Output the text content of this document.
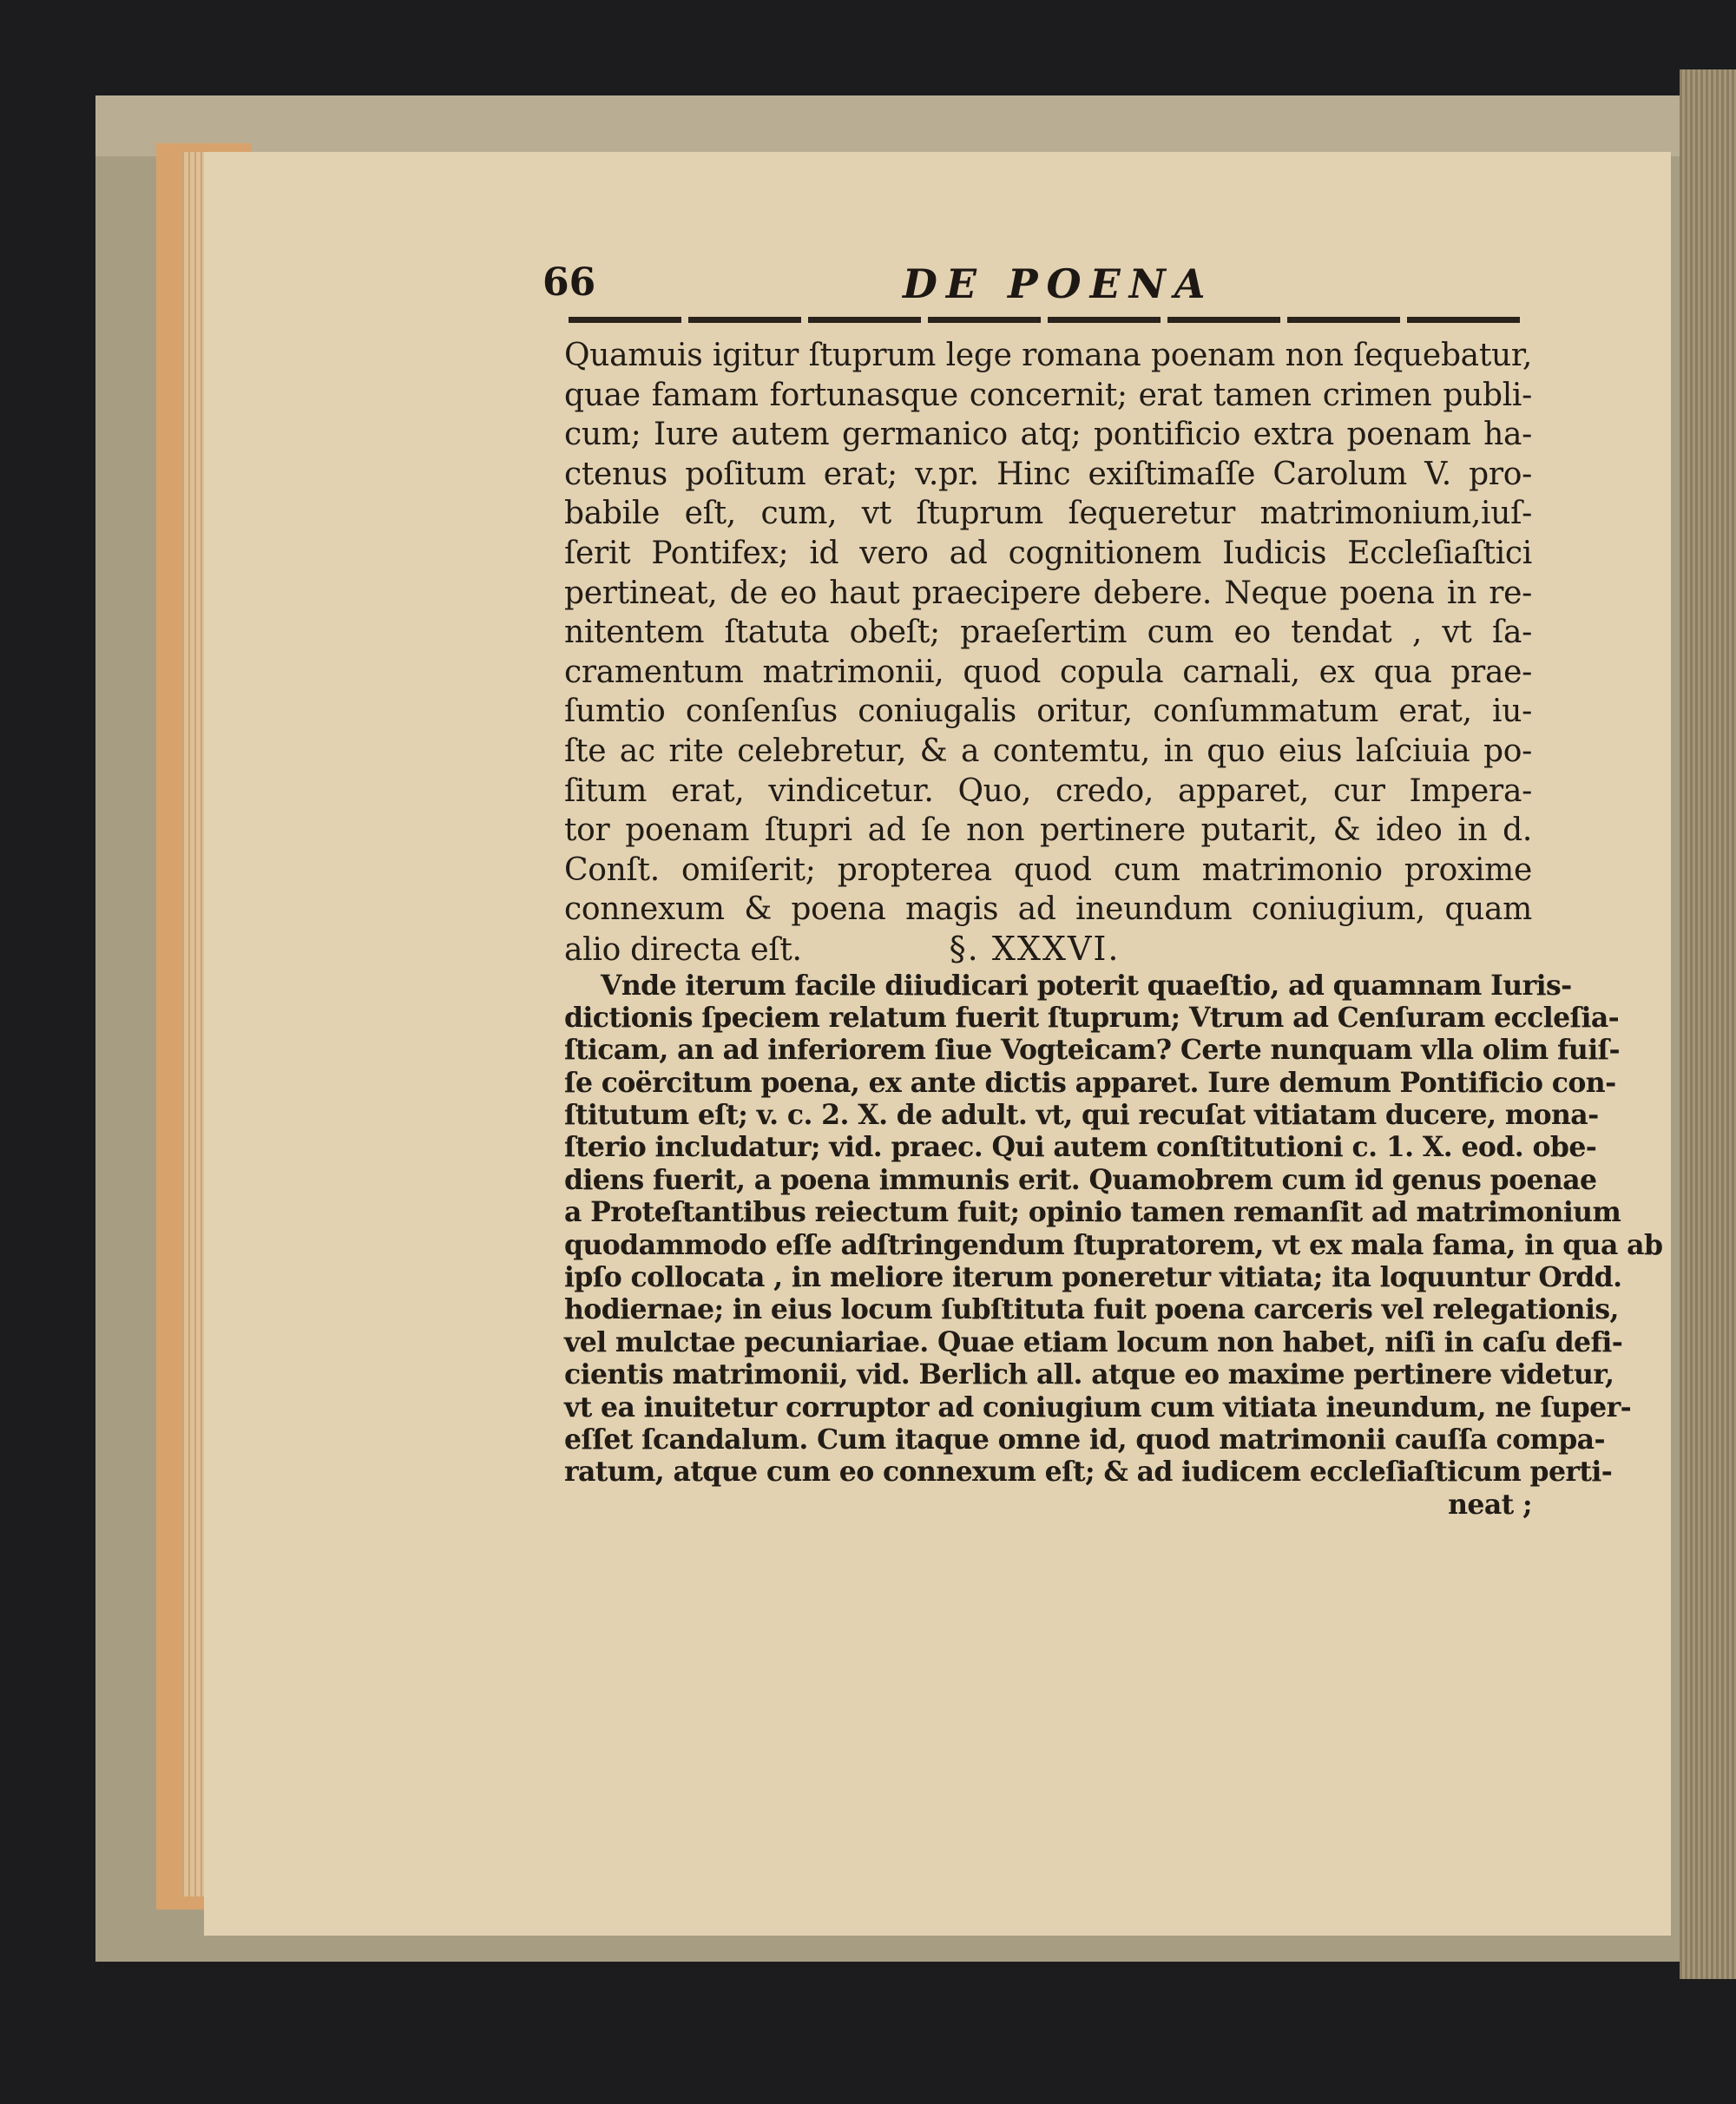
66	DE POENA
Quamuis igitur ſtuprum lege romana poenam non ſequebatur,
quae famam fortunasque concernit; erat tamen crimen publi-
cum; Iure autem germanico atq; pontificio extra poenam ha-
ctenus poſitum erat; v.pr. Hinc exiſtimaſſe Carolum V. pro-
babile eſt, cum, vt ſtuprum ſequeretur matrimonium,iuſ-
ſerit Pontifex; id vero ad cognitionem Iudicis Eccleſiaſtici
pertineat, de eo haut praecipere debere. Neque poena in re-
nitentem ſtatuta obeſt; praeſertim cum eo tendat , vt ſa-
cramentum matrimonii, quod copula carnali, ex qua prae-
ſumtio conſenſus coniugalis oritur, conſummatum erat, iu-
ſte ac rite celebretur, & a contemtu, in quo eius laſciuia po-
ſitum erat, vindicetur. Quo, credo, apparet, cur Impera-
tor poenam ſtupri ad ſe non pertinere putarit, & ideo in d.
Conſt. omiſerit; propterea quod cum matrimonio proxime
connexum & poena magis ad ineundum coniugium, quam
alio directa eſt.	§. XXXVI.
Vnde iterum facile diiudicari poterit quaeſtio, ad quamnam Iuris-
dictionis ſpeciem relatum fuerit ſtuprum; Vtrum ad Cenſuram eccleſia-
ſticam, an ad inferiorem ſiue Vogteicam? Certe nunquam vlla olim fuiſ-
ſe coërcitum poena, ex ante dictis apparet. Iure demum Pontificio con-
ſtitutum eſt; v. c. 2. X. de adult. vt, qui recuſat vitiatam ducere, mona-
ſterio includatur; vid. praec. Qui autem conſtitutioni c. 1. X. eod. obe-
diens fuerit, a poena immunis erit. Quamobrem cum id genus poenae
a Proteſtantibus reiectum fuit; opinio tamen remanſit ad matrimonium
quodammodo eſſe adſtringendum ſtupratorem, vt ex mala fama, in qua ab
ipſo collocata , in meliore iterum poneretur vitiata; ita loquuntur Ordd.
hodiernae; in eius locum ſubſtituta fuit poena carceris vel relegationis,
vel mulctae pecuniariae. Quae etiam locum non habet, niſi in caſu defi-
cientis matrimonii, vid. Berlich all. atque eo maxime pertinere videtur,
vt ea inuitetur corruptor ad coniugium cum vitiata ineundum, ne ſuper-
eſſet ſcandalum. Cum itaque omne id, quod matrimonii cauſſa compa-
ratum, atque cum eo connexum eſt; & ad iudicem eccleſiaſticum perti-
neat ;
